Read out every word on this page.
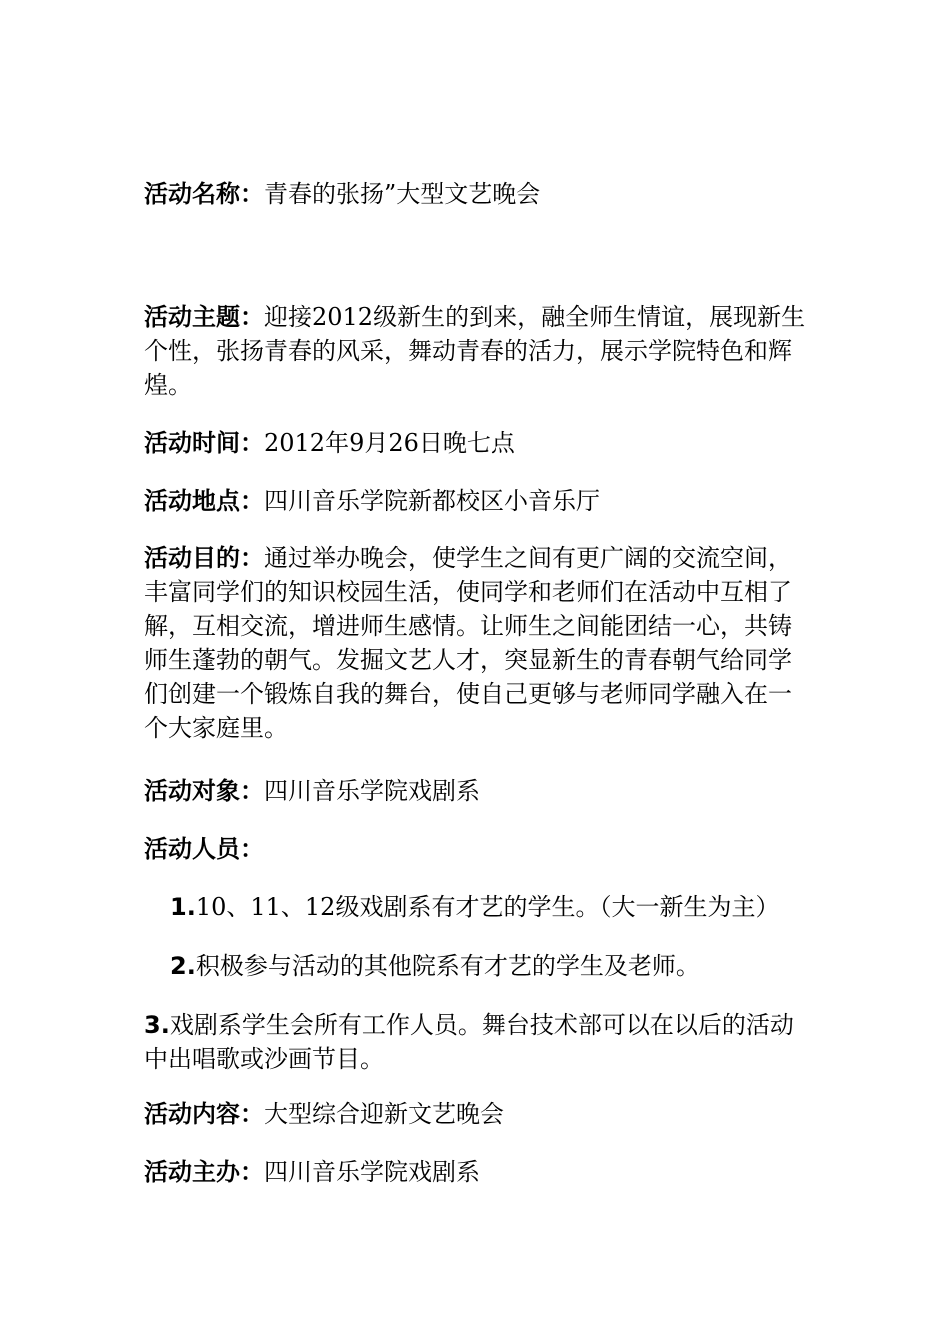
活动名称：青春的张扬”大型文艺晚会

活动主题：迎接2012级新生的到来，融全师生情谊，展现新生个性，张扬青春的风采，舞动青春的活力，展示学院特色和辉煌。

活动时间：2012年9月26日晚七点

活动地点：四川音乐学院新都校区小音乐厅

活动目的：通过举办晚会，使学生之间有更广阔的交流空间，丰富同学们的知识校园生活，使同学和老师们在活动中互相了解，互相交流，增进师生感情。让师生之间能团结一心，共铸师生蓬勃的朝气。发掘文艺人才，突显新生的青春朝气给同学们创建一个锻炼自我的舞台，使自己更够与老师同学融入在一个大家庭里。

活动对象：四川音乐学院戏剧系

活动人员：

1.10、11、12级戏剧系有才艺的学生。（大一新生为主）

2.积极参与活动的其他院系有才艺的学生及老师。

3.戏剧系学生会所有工作人员。舞台技术部可以在以后的活动中出唱歌或沙画节目。

活动内容：大型综合迎新文艺晚会

活动主办：四川音乐学院戏剧系
